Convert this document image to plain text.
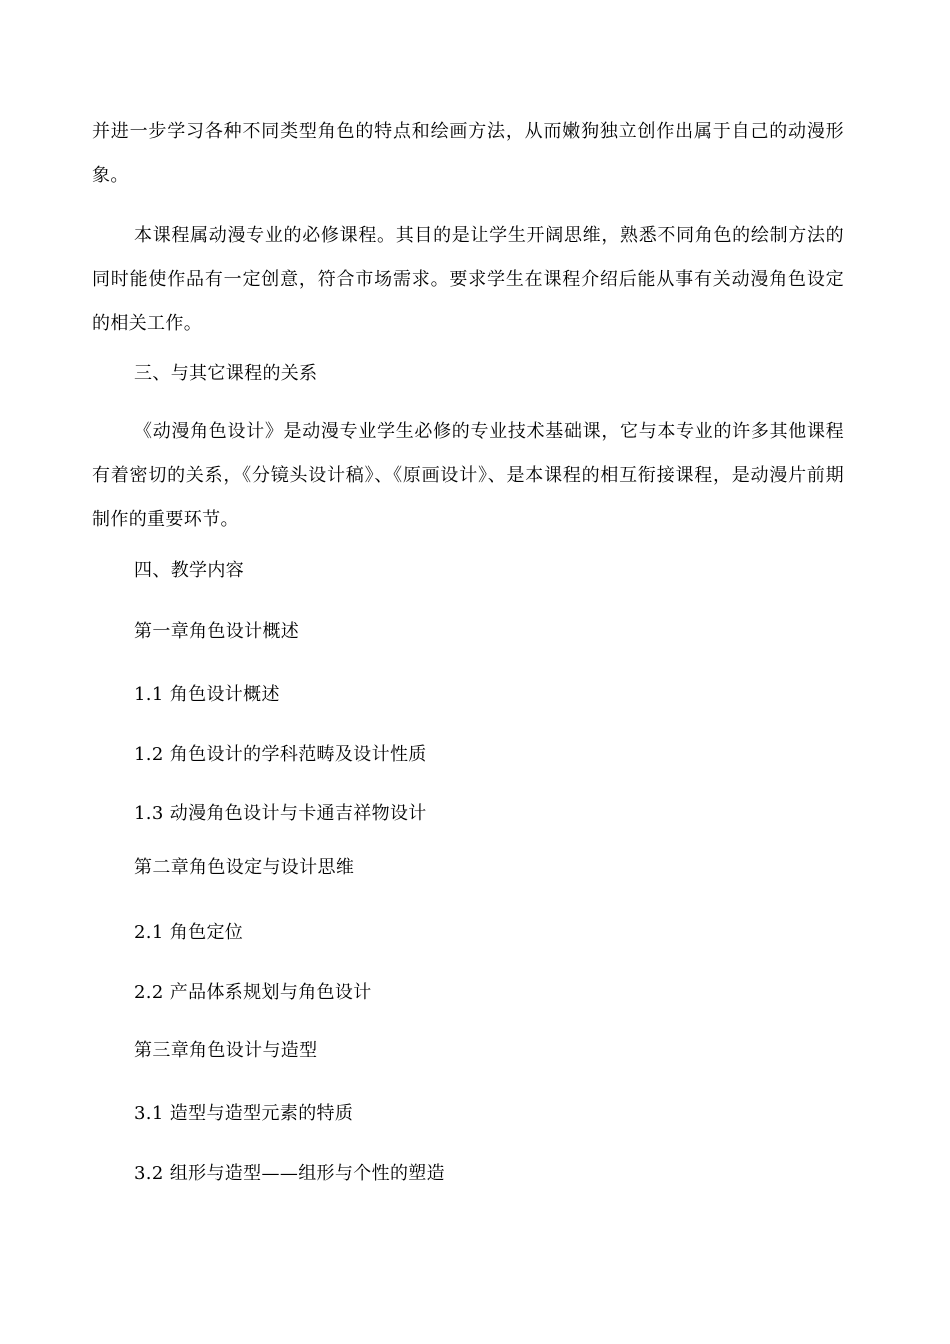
并进一步学习各种不同类型角色的特点和绘画方法，从而嫩狗独立创作出属于自己的动漫形象。

本课程属动漫专业的必修课程。其目的是让学生开阔思维，熟悉不同角色的绘制方法的同时能使作品有一定创意，符合市场需求。要求学生在课程介绍后能从事有关动漫角色设定的相关工作。

三、与其它课程的关系

《动漫角色设计》是动漫专业学生必修的专业技术基础课，它与本专业的许多其他课程有着密切的关系，《分镜头设计稿》、《原画设计》、是本课程的相互衔接课程，是动漫片前期制作的重要环节。

四、教学内容

第一章角色设计概述

1.1 角色设计概述

1.2 角色设计的学科范畴及设计性质

1.3 动漫角色设计与卡通吉祥物设计

第二章角色设定与设计思维

2.1 角色定位

2.2 产品体系规划与角色设计

第三章角色设计与造型

3.1 造型与造型元素的特质

3.2 组形与造型——组形与个性的塑造
